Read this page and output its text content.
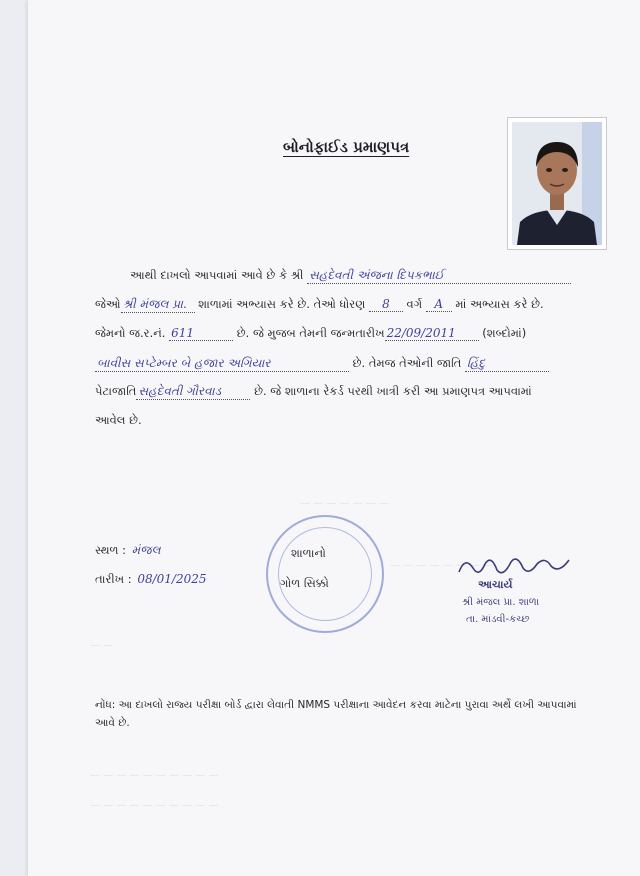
— — — — — — —
— — — — — — — —
— —
— — — — — — — — — —
— — — — — — — — — —
બોનોફાઈડ પ્રમાણપત્ર
આથી દાખલો આપવામાં આવે છે કે શ્રી સહદેવતી અંજના દિપકભાઈ
જેઓ શ્રી મંજલ પ્રા. શાળામાં અભ્યાસ કરે છે. તેઓ ધોરણ 8 વર્ગ A માં અભ્યાસ કરે છે.
જેમનો જ.ર.નં. 611	છે. જે મુજબ તેમની જન્મતારીખ 22/09/2011 (શબ્દોમાં)
બાવીસ સપ્ટેમ્બર બે હજાર અગિયાર	છે. તેમજ તેઓની જાતિ હિંદુ
પેટાજાતિ સહદેવતી ગૌરવાડ	છે. જે શાળાના રેકર્ડ પરથી ખાત્રી કરી આ પ્રમાણપત્ર આપવામાં
આવેલ છે.
સ્થળ : મંજલ
તારીખ : 08/01/2025
શાળાનો
ગોળ સિક્કો	આચાર્ય
શ્રી મંજલ પ્રા. શાળા
તા. માંડવી-કચ્છ
નોંધ: આ દાખલો રાજ્ય પરીક્ષા બોર્ડ દ્વારા લેવાતી NMMS પરીક્ષાના આવેદન કરવા માટેના પુરાવા અર્થે લખી આપવામાં આવે છે.
